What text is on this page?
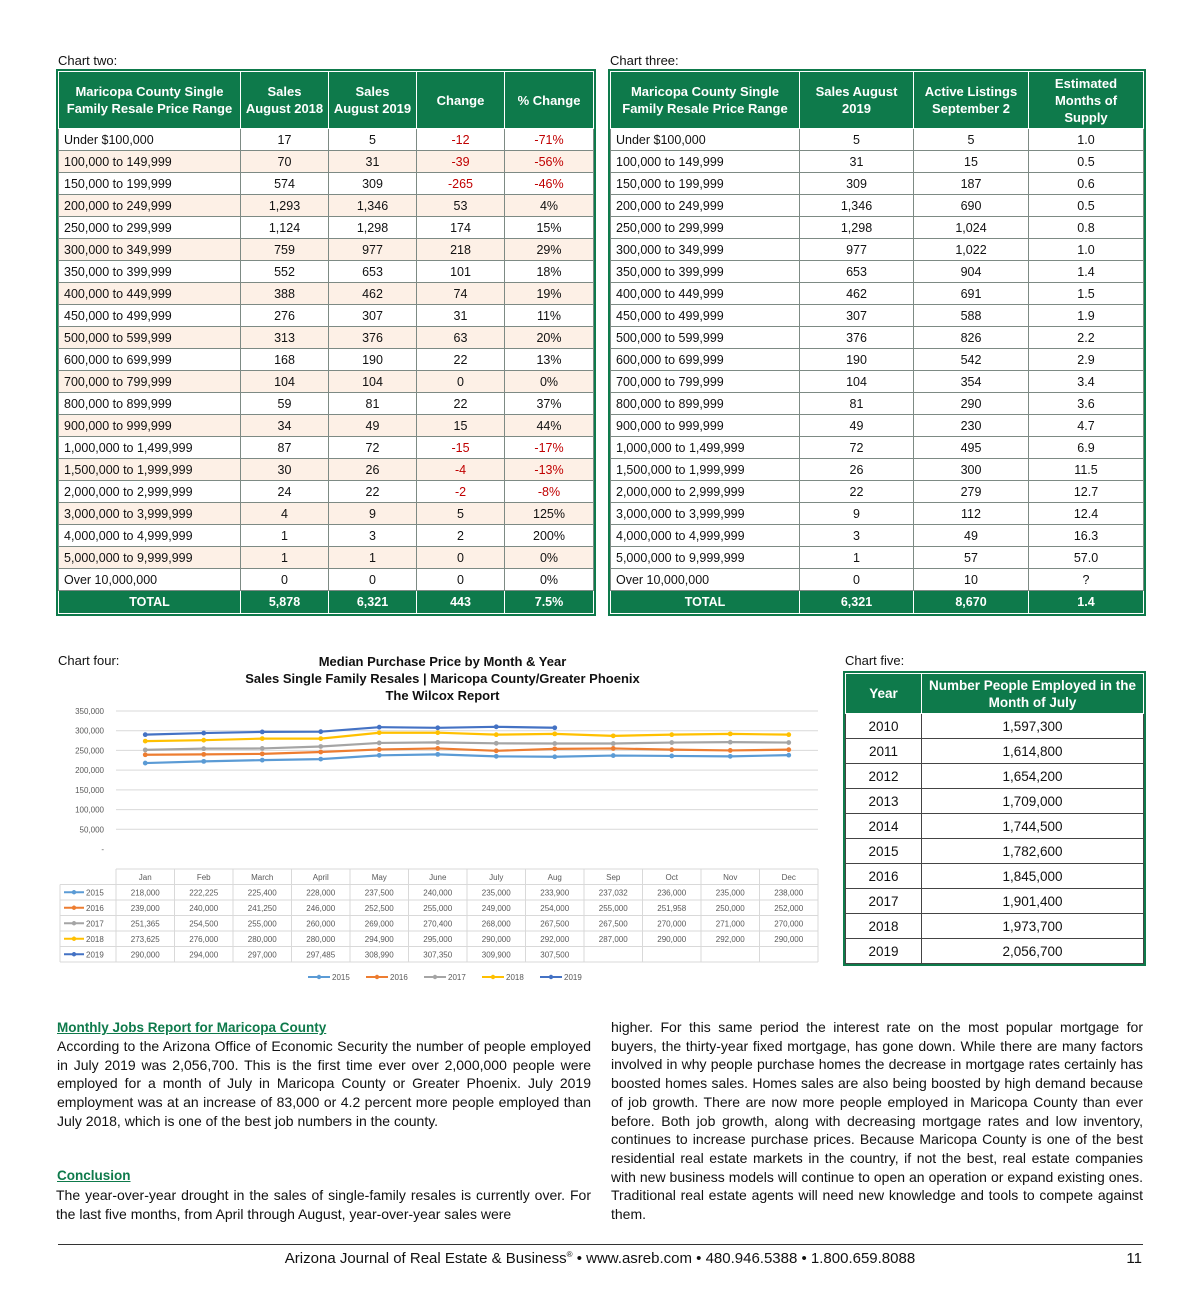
Chart two:
Maricopa County Single Family Resale Price Range	Sales August 2018	Sales August 2019	Change	% Change
Under $100,000	17	5	-12	-71%
100,000 to 149,999	70	31	-39	-56%
150,000 to 199,999	574	309	-265	-46%
200,000 to 249,999	1,293	1,346	53	4%
250,000 to 299,999	1,124	1,298	174	15%
300,000 to 349,999	759	977	218	29%
350,000 to 399,999	552	653	101	18%
400,000 to 449,999	388	462	74	19%
450,000 to 499,999	276	307	31	11%
500,000 to 599,999	313	376	63	20%
600,000 to 699,999	168	190	22	13%
700,000 to 799,999	104	104	0	0%
800,000 to 899,999	59	81	22	37%
900,000 to 999,999	34	49	15	44%
1,000,000 to 1,499,999	87	72	-15	-17%
1,500,000 to 1,999,999	30	26	-4	-13%
2,000,000 to 2,999,999	24	22	-2	-8%
3,000,000 to 3,999,999	4	9	5	125%
4,000,000 to 4,999,999	1	3	2	200%
5,000,000 to 9,999,999	1	1	0	0%
Over 10,000,000	0	0	0	0%
TOTAL	5,878	6,321	443	7.5%
Chart three:
Maricopa County Single Family Resale Price Range	Sales August 2019	Active Listings September 2	Estimated Months of Supply
Under $100,000	5	5	1.0
100,000 to 149,999	31	15	0.5
150,000 to 199,999	309	187	0.6
200,000 to 249,999	1,346	690	0.5
250,000 to 299,999	1,298	1,024	0.8
300,000 to 349,999	977	1,022	1.0
350,000 to 399,999	653	904	1.4
400,000 to 449,999	462	691	1.5
450,000 to 499,999	307	588	1.9
500,000 to 599,999	376	826	2.2
600,000 to 699,999	190	542	2.9
700,000 to 799,999	104	354	3.4
800,000 to 899,999	81	290	3.6
900,000 to 999,999	49	230	4.7
1,000,000 to 1,499,999	72	495	6.9
1,500,000 to 1,999,999	26	300	11.5
2,000,000 to 2,999,999	22	279	12.7
3,000,000 to 3,999,999	9	112	12.4
4,000,000 to 4,999,999	3	49	16.3
5,000,000 to 9,999,999	1	57	57.0
Over 10,000,000	0	10	?
TOTAL	6,321	8,670	1.4
Chart four:	Median Purchase Price by Month & Year
Sales Single Family Resales | Maricopa County/Greater Phoenix
The Wilcox Report
-
50,000
100,000
150,000
200,000
250,000
300,000
350,000
Jan	Feb	March	April	May	June	July	Aug	Sep	Oct	Nov	Dec
2015	218,000	222,225	225,400	228,000	237,500	240,000	235,000	233,900	237,032	236,000	235,000	238,000
2016	239,000	240,000	241,250	246,000	252,500	255,000	249,000	254,000	255,000	251,958	250,000	252,000
2017	251,365	254,500	255,000	260,000	269,000	270,400	268,000	267,500	267,500	270,000	271,000	270,000
2018	273,625	276,000	280,000	280,000	294,900	295,000	290,000	292,000	287,000	290,000	292,000	290,000
2019	290,000	294,000	297,000	297,485	308,990	307,350	309,900	307,500
2015	2016	2017	2018	2019
Chart five:
Year	Number People Employed in the Month of July
2010	1,597,300
2011	1,614,800
2012	1,654,200
2013	1,709,000
2014	1,744,500
2015	1,782,600
2016	1,845,000
2017	1,901,400
2018	1,973,700
2019	2,056,700
Monthly Jobs Report for Maricopa County
According to the Arizona Office of Economic Security the number of people employed in July 2019 was 2,056,700. This is the first time ever over 2,000,000 people were employed for a month of July in Maricopa County or Greater Phoenix. July 2019 employment was at an increase of 83,000 or 4.2 percent more people employed than July 2018, which is one of the best job numbers in the county.
Conclusion
The year-over-year drought in the sales of single-family resales is currently over. For the last five months, from April through August, year-over-year sales were
higher. For this same period the interest rate on the most popular mortgage for buyers, the thirty-year fixed mortgage, has gone down. While there are many factors involved in why people purchase homes the decrease in mortgage rates certainly has boosted homes sales. Homes sales are also being boosted by high demand because of job growth. There are now more people employed in Maricopa County than ever before. Both job growth, along with decreasing mortgage rates and low inventory, continues to increase purchase prices. Because Maricopa County is one of the best residential real estate markets in the country, if not the best, real estate companies with new business models will continue to open an operation or expand existing ones. Traditional real estate agents will need new knowledge and tools to compete against them.
Arizona Journal of Real Estate & Business® • www.asreb.com • 480.946.5388 • 1.800.659.8088	11
